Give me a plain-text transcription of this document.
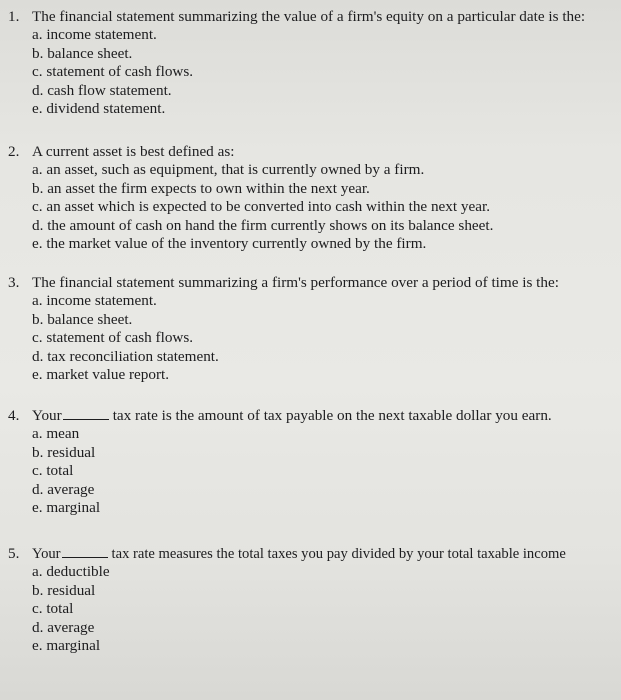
1. The financial statement summarizing the value of a firm's equity on a particular date is the:
a. income statement.
b. balance sheet.
c. statement of cash flows.
d. cash flow statement.
e. dividend statement.
2. A current asset is best defined as:
a. an asset, such as equipment, that is currently owned by a firm.
b. an asset the firm expects to own within the next year.
c. an asset which is expected to be converted into cash within the next year.
d. the amount of cash on hand the firm currently shows on its balance sheet.
e. the market value of the inventory currently owned by the firm.
3. The financial statement summarizing a firm's performance over a period of time is the:
a. income statement.
b. balance sheet.
c. statement of cash flows.
d. tax reconciliation statement.
e. market value report.
4. Your	tax rate is the amount of tax payable on the next taxable dollar you earn.
a. mean
b. residual
c. total
d. average
e. marginal
5. Your	tax rate measures the total taxes you pay divided by your total taxable income
a. deductible
b. residual
c. total
d. average
e. marginal
